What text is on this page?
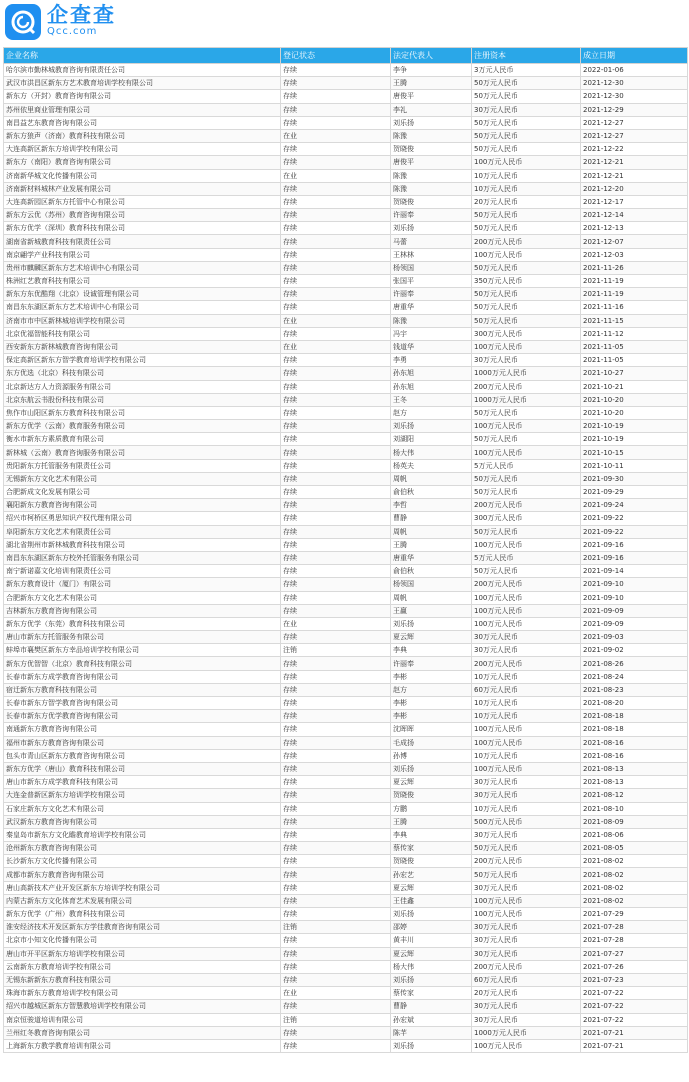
企查查
Qcc.com
企业名称	登记状态	法定代表人	注册资本	成立日期
哈尔滨市勤林城教育咨询有限责任公司	存续	李争	3万元人民币	2022-01-06
武汉市洪昌区新东方艺术教育培训学校有限公司	存续	王腾	50万元人民币	2021-12-30
新东方（开封）教育咨询有限公司	存续	唐俊平	50万元人民币	2021-12-30
苏州依里商业管理有限公司	存续	李礼	30万元人民币	2021-12-29
南昌益艺东教育咨询有限公司	存续	刘乐扬	50万元人民币	2021-12-27
新东方狼声（济南）教育科技有限公司	在业	陈豫	50万元人民币	2021-12-27
大连高新区新东方培训学校有限公司	存续	贺晓俊	50万元人民币	2021-12-22
新东方（南阳）教育咨询有限公司	存续	唐俊平	100万元人民币	2021-12-21
济南新华城文化传播有限公司	在业	陈豫	10万元人民币	2021-12-21
济南新材料城林产业发展有限公司	存续	陈豫	10万元人民币	2021-12-20
大连高新园区新东方托管中心有限公司	存续	贺晓俊	20万元人民币	2021-12-17
新东方云优（苏州）教育咨询有限公司	存续	许丽奉	50万元人民币	2021-12-14
新东方优学（深圳）教育科技有限公司	存续	刘乐扬	50万元人民币	2021-12-13
湖南省新城教育科技有限责任公司	存续	马蕾	200万元人民币	2021-12-07
南京翩学产业科技有限公司	存续	王林林	100万元人民币	2021-12-03
贵州市麒麟区新东方艺术培训中心有限公司	存续	杨领国	50万元人民币	2021-11-26
株洲红艺教育科技有限公司	存续	张国平	350万元人民币	2021-11-19
新东方东优酷翔（北京）设诚管理有限公司	存续	许丽奉	50万元人民币	2021-11-19
南昌东东湖区新东方艺术培训中心有限公司	存续	唐重华	50万元人民币	2021-11-16
济南市市中区新林城培训学校有限公司	在业	陈豫	50万元人民币	2021-11-15
北京优福智能科技有限公司	存续	冯宇	300万元人民币	2021-11-12
西安新东方新林城教育咨询有限公司	在业	钱道华	100万元人民币	2021-11-05
保定高新区新东方智学教育培训学校有限公司	存续	李勇	30万元人民币	2021-11-05
东方优选（北京）科技有限公司	存续	孙东旭	1000万元人民币	2021-10-27
北京新达方人力资源服务有限公司	存续	孙东旭	200万元人民币	2021-10-21
北京东航云书股份科技有限公司	存续	王冬	1000万元人民币	2021-10-20
焦作市山阳区新东方教育科技有限公司	存续	赵方	50万元人民币	2021-10-20
新东方优学（云南）教育服务有限公司	存续	刘乐扬	100万元人民币	2021-10-19
衡水市新东方素质教育有限公司	存续	刘湖阳	50万元人民币	2021-10-19
新林城（云南）教育咨询服务有限公司	存续	杨大伟	100万元人民币	2021-10-15
贵阳新东方托管服务有限责任公司	存续	杨英夫	5万元人民币	2021-10-11
无锡新东方文化艺术有限公司	存续	周帆	50万元人民币	2021-09-30
合肥新成文化发展有限公司	存续	俞伯秋	50万元人民币	2021-09-29
襄阳新东方教育咨询有限公司	存续	李哲	200万元人民币	2021-09-24
绍兴市柯桥区勇思知识产权代理有限公司	存续	曹静	300万元人民币	2021-09-22
阜阳新东方文化艺术有限责任公司	存续	周帆	50万元人民币	2021-09-22
湖北省荆州市新林城教育科技有限公司	存续	王腾	100万元人民币	2021-09-16
南昌东东湖区新东方校外托管服务有限公司	存续	唐重华	5万元人民币	2021-09-16
南宁新诺嘉文化培训有限责任公司	存续	俞伯秋	50万元人民币	2021-09-14
新东方教育设计（厦门）有限公司	存续	杨领国	200万元人民币	2021-09-10
合肥新东方文化艺术有限公司	存续	周帆	100万元人民币	2021-09-10
吉林新东方教育咨询有限公司	存续	王赢	100万元人民币	2021-09-09
新东方优学（东莞）教育科技有限公司	在业	刘乐扬	100万元人民币	2021-09-09
唐山市新东方托管服务有限公司	存续	夏云辉	30万元人民币	2021-09-03
蚌埠市襄樊区新东方幸品培训学校有限公司	注销	李典	30万元人民币	2021-09-02
新东方优智智（北京）教育科技有限公司	存续	许丽奉	200万元人民币	2021-08-26
长春市新东方成学教育咨询有限公司	存续	李彬	10万元人民币	2021-08-24
宿迁新东方教育科技有限公司	存续	赵方	60万元人民币	2021-08-23
长春市新东方智学教育咨询有限公司	存续	李彬	10万元人民币	2021-08-20
长春市新东方优学教育咨询有限公司	存续	李彬	10万元人民币	2021-08-18
南通新东方教育咨询有限公司	存续	沈晖晖	100万元人民币	2021-08-18
福州市新东方教育咨询有限公司	存续	毛成扬	100万元人民币	2021-08-16
包头市青山区新东方教育咨询有限公司	存续	孙博	10万元人民币	2021-08-16
新东方优学（唐山）教育科技有限公司	存续	刘乐扬	100万元人民币	2021-08-13
唐山市新东方成学教育科技有限公司	存续	夏云辉	30万元人民币	2021-08-13
大连金普新区新东方培训学校有限公司	存续	贺晓俊	30万元人民币	2021-08-12
石家庄新东方文化艺术有限公司	存续	方鹏	10万元人民币	2021-08-10
武汉新东方教育咨询有限公司	存续	王腾	500万元人民币	2021-08-09
秦皇岛市新东方文化瞻教育培训学校有限公司	存续	李典	30万元人民币	2021-08-06
沧州新东方教育咨询有限公司	存续	蔡传家	50万元人民币	2021-08-05
长沙新东方文化传播有限公司	存续	贺晓俊	200万元人民币	2021-08-02
成都市新东方教育咨询有限公司	存续	孙宏艺	50万元人民币	2021-08-02
唐山高新技术产业开发区新东方培训学校有限公司	存续	夏云辉	30万元人民币	2021-08-02
内蒙古新东方文化体育艺术发展有限公司	存续	王佳鑫	100万元人民币	2021-08-02
新东方优学（广州）教育科技有限公司	存续	刘乐扬	100万元人民币	2021-07-29
淮安经济技术开发区新东方学佳教育咨询有限公司	注销	邵婷	30万元人民币	2021-07-28
北京市小知文化传播有限公司	存续	黄丰川	30万元人民币	2021-07-28
唐山市开平区新东方培训学校有限公司	存续	夏云辉	30万元人民币	2021-07-27
云南新东方教育培训学校有限公司	存续	杨大伟	200万元人民币	2021-07-26
无锡东新新东方教育科技有限公司	存续	刘乐扬	60万元人民币	2021-07-23
珠海市新东方教育培训学校有限公司	在业	蔡传家	20万元人民币	2021-07-22
绍兴市越城区新东方智慧教培训学校有限公司	存续	曹静	30万元人民币	2021-07-22
南京恒骏道培训有限公司	注销	孙宏斌	30万元人民币	2021-07-22
兰州红冬教育咨询有限公司	存续	陈芊	1000万元人民币	2021-07-21
上海新东方教学教育培训有限公司	存续	刘乐扬	100万元人民币	2021-07-21
